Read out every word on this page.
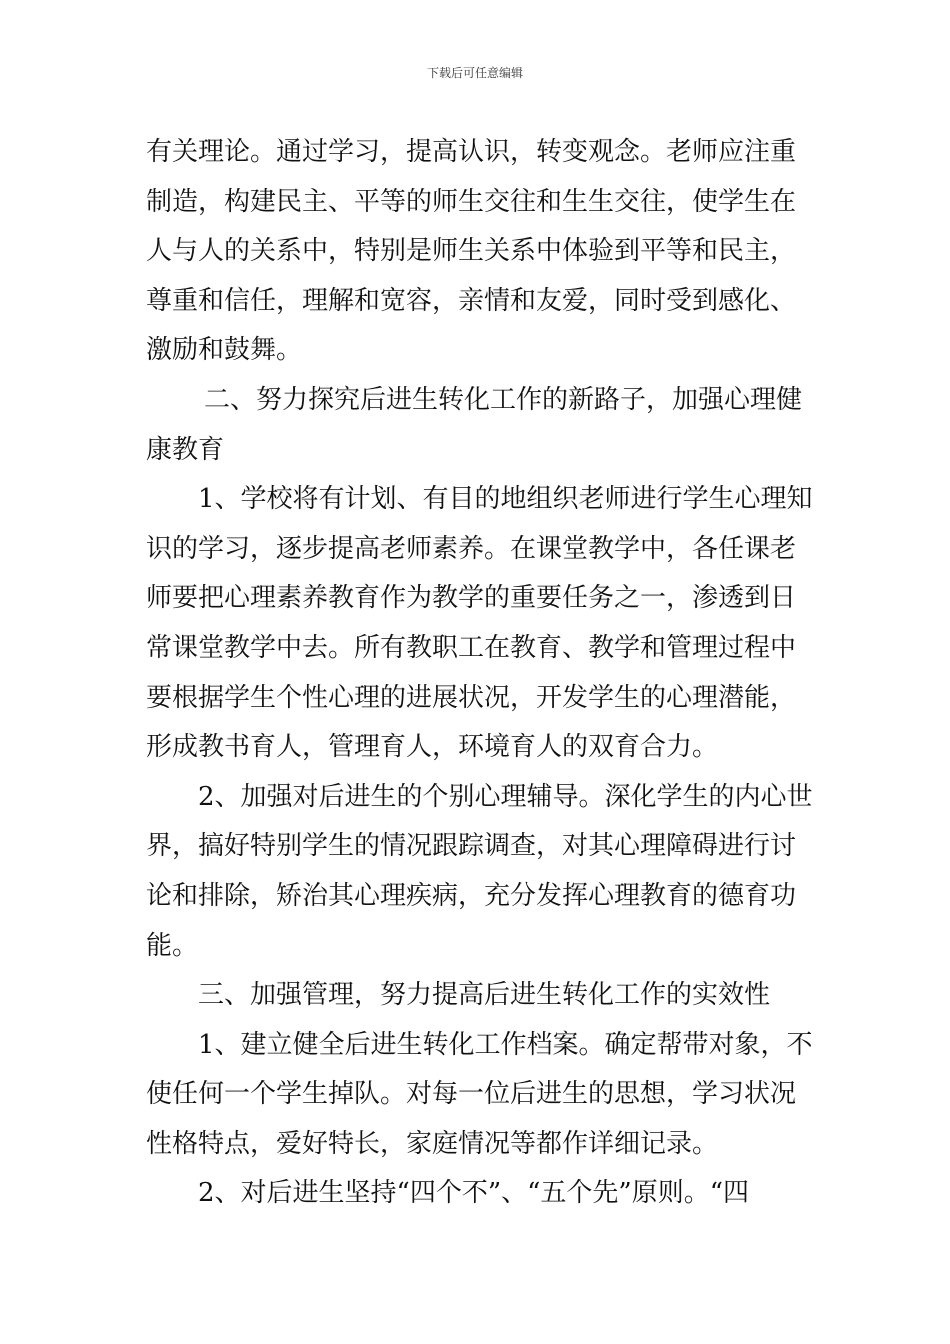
下载后可任意编辑
有关理论。通过学习，提高认识，转变观念。老师应注重
制造，构建民主、平等的师生交往和生生交往，使学生在
人与人的关系中，特别是师生关系中体验到平等和民主，
尊重和信任，理解和宽容，亲情和友爱，同时受到感化、
激励和鼓舞。
二、努力探究后进生转化工作的新路子，加强心理健
康教育
1、学校将有计划、有目的地组织老师进行学生心理知
识的学习，逐步提高老师素养。在课堂教学中，各任课老
师要把心理素养教育作为教学的重要任务之一，渗透到日
常课堂教学中去。所有教职工在教育、教学和管理过程中
要根据学生个性心理的进展状况，开发学生的心理潜能，
形成教书育人，管理育人，环境育人的双育合力。
2、加强对后进生的个别心理辅导。深化学生的内心世
界，搞好特别学生的情况跟踪调查，对其心理障碍进行讨
论和排除，矫治其心理疾病，充分发挥心理教育的德育功
能。
三、加强管理，努力提高后进生转化工作的实效性
1、建立健全后进生转化工作档案。确定帮带对象，不
使任何一个学生掉队。对每一位后进生的思想，学习状况
性格特点，爱好特长，家庭情况等都作详细记录。
2、对后进生坚持“四个不”、“五个先”原则。“四
